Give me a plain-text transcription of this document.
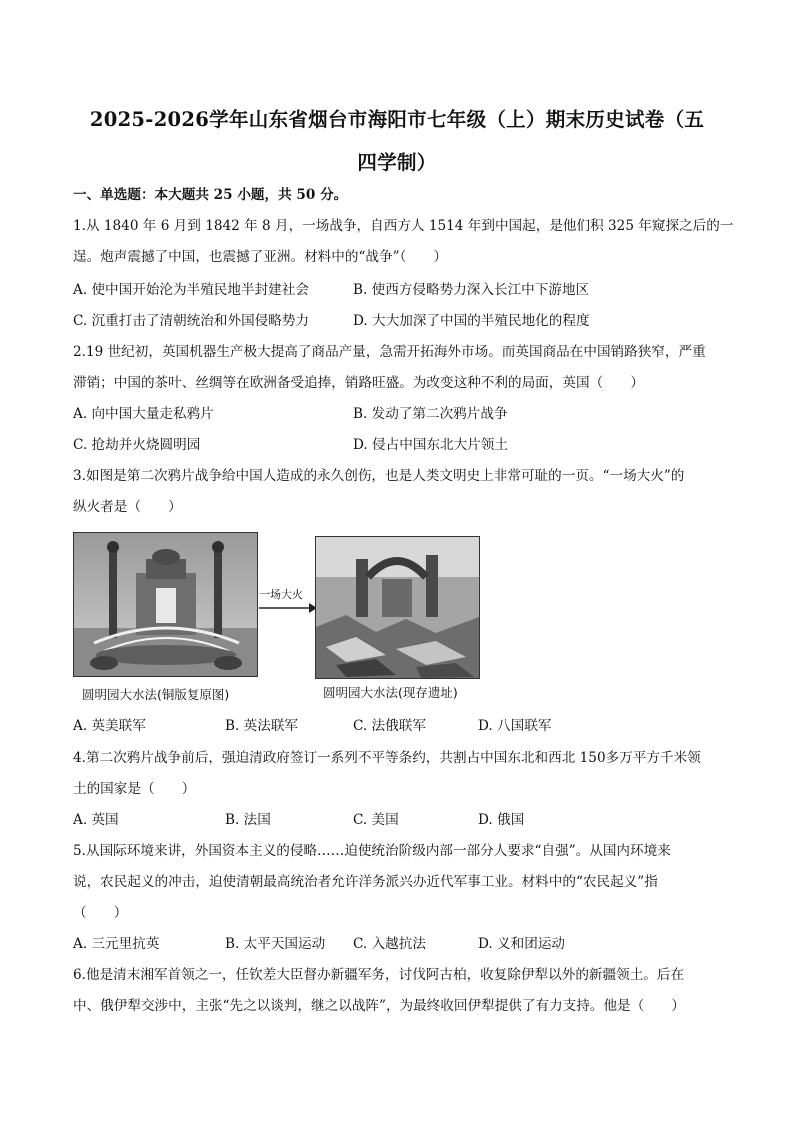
2025-2026学年山东省烟台市海阳市七年级（上）期末历史试卷（五
四学制）
一、单选题：本大题共 25 小题，共 50 分。
1.从 1840 年 6 月到 1842 年 8 月，一场战争，自西方人 1514 年到中国起，是他们积 325 年窥探之后的一
逞。炮声震撼了中国，也震撼了亚洲。材料中的“战争”（　　）
A. 使中国开始沦为半殖民地半封建社会	B. 使西方侵略势力深入长江中下游地区
C. 沉重打击了清朝统治和外国侵略势力	D. 大大加深了中国的半殖民地化的程度
2.19 世纪初，英国机器生产极大提高了商品产量，急需开拓海外市场。而英国商品在中国销路狭窄，严重
滞销；中国的茶叶、丝绸等在欧洲备受追捧，销路旺盛。为改变这种不利的局面，英国（　　）
A. 向中国大量走私鸦片	B. 发动了第二次鸦片战争
C. 抢劫并火烧圆明园	D. 侵占中国东北大片领土
3.如图是第二次鸦片战争给中国人造成的永久创伤，也是人类文明史上非常可耻的一页。“一场大火”的
纵火者是（　　）
一场大火
圆明园大水法(铜版复原图)	圆明园大水法(现存遗址)
A. 英美联军	B. 英法联军	C. 法俄联军	D. 八国联军
4.第二次鸦片战争前后，强迫清政府签订一系列不平等条约，共割占中国东北和西北 150多万平方千米领
土的国家是（　　）
A. 英国	B. 法国	C. 美国	D. 俄国
5.从国际环境来讲，外国资本主义的侵略……迫使统治阶级内部一部分人要求“自强”。从国内环境来
说，农民起义的冲击，迫使清朝最高统治者允许洋务派兴办近代军事工业。材料中的“农民起义”指
（　　）
A. 三元里抗英	B. 太平天国运动 C. 入越抗法	D. 义和团运动
6.他是清末湘军首领之一，任钦差大臣督办新疆军务，讨伐阿古柏，收复除伊犁以外的新疆领土。后在
中、俄伊犁交涉中，主张“先之以谈判，继之以战阵”，为最终收回伊犁提供了有力支持。他是（　　）
